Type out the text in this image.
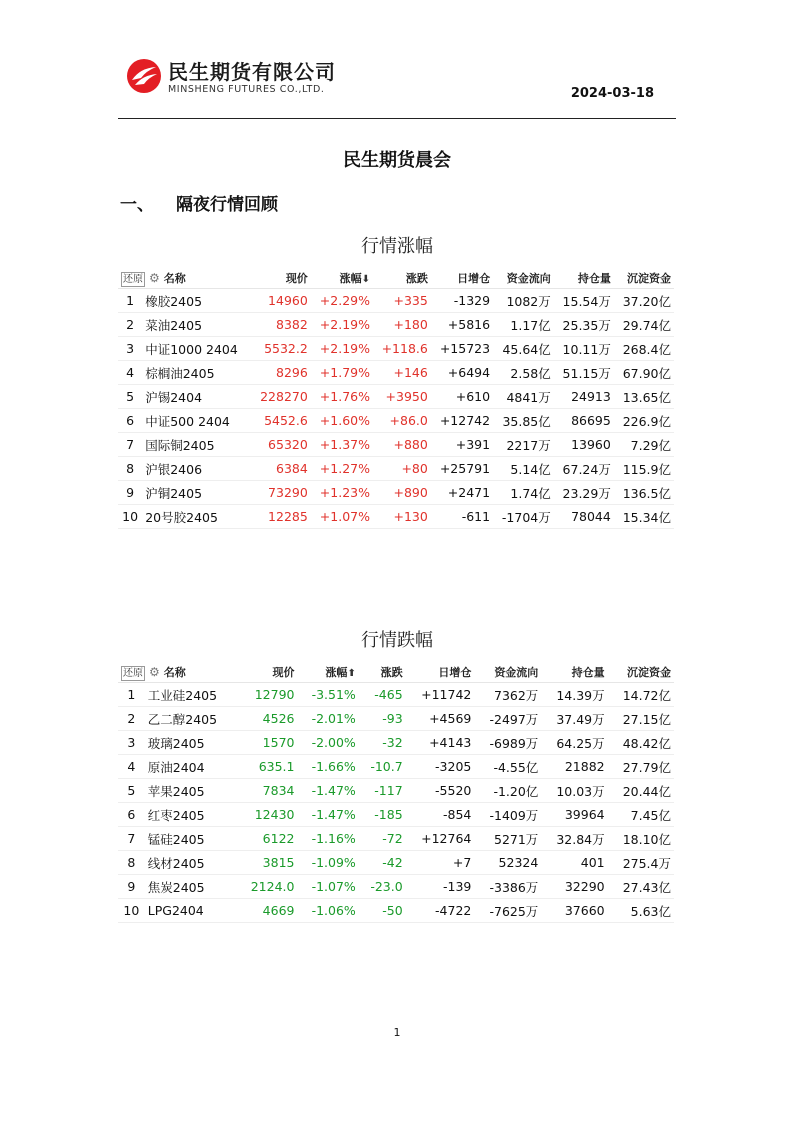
民生期货有限公司
MINSHENG FUTURES CO.,LTD.	2024-03-18
民生期货晨会
一、 隔夜行情回顾
行情涨幅
还原 ⚙ 名称		现价	涨幅⬇	涨跌	日增仓	资金流向	持仓量	沉淀资金
1	橡胶2405	14960	+2.29%	+335	-1329	1082万	15.54万	37.20亿
2	菜油2405	8382	+2.19%	+180	+5816	1.17亿	25.35万	29.74亿
3	中证1000 2404	5532.2	+2.19%	+118.6	+15723	45.64亿	10.11万	268.4亿
4	棕榈油2405	8296	+1.79%	+146	+6494	2.58亿	51.15万	67.90亿
5	沪锡2404	228270	+1.76%	+3950	+610	4841万	24913	13.65亿
6	中证500 2404	5452.6	+1.60%	+86.0	+12742	35.85亿	86695	226.9亿
7	国际铜2405	65320	+1.37%	+880	+391	2217万	13960	7.29亿
8	沪银2406	6384	+1.27%	+80	+25791	5.14亿	67.24万	115.9亿
9	沪铜2405	73290	+1.23%	+890	+2471	1.74亿	23.29万	136.5亿
10	20号胶2405	12285	+1.07%	+130	-611	-1704万	78044	15.34亿
行情跌幅
还原 ⚙ 名称		现价	涨幅⬆	涨跌	日增仓	资金流向	持仓量	沉淀资金
1	工业硅2405	12790	-3.51%	-465	+11742	7362万	14.39万	14.72亿
2	乙二醇2405	4526	-2.01%	-93	+4569	-2497万	37.49万	27.15亿
3	玻璃2405	1570	-2.00%	-32	+4143	-6989万	64.25万	48.42亿
4	原油2404	635.1	-1.66%	-10.7	-3205	-4.55亿	21882	27.79亿
5	苹果2405	7834	-1.47%	-117	-5520	-1.20亿	10.03万	20.44亿
6	红枣2405	12430	-1.47%	-185	-854	-1409万	39964	7.45亿
7	锰硅2405	6122	-1.16%	-72	+12764	5271万	32.84万	18.10亿
8	线材2405	3815	-1.09%	-42	+7	52324	401	275.4万
9	焦炭2405	2124.0	-1.07%	-23.0	-139	-3386万	32290	27.43亿
10	LPG2404	4669	-1.06%	-50	-4722	-7625万	37660	5.63亿
1
